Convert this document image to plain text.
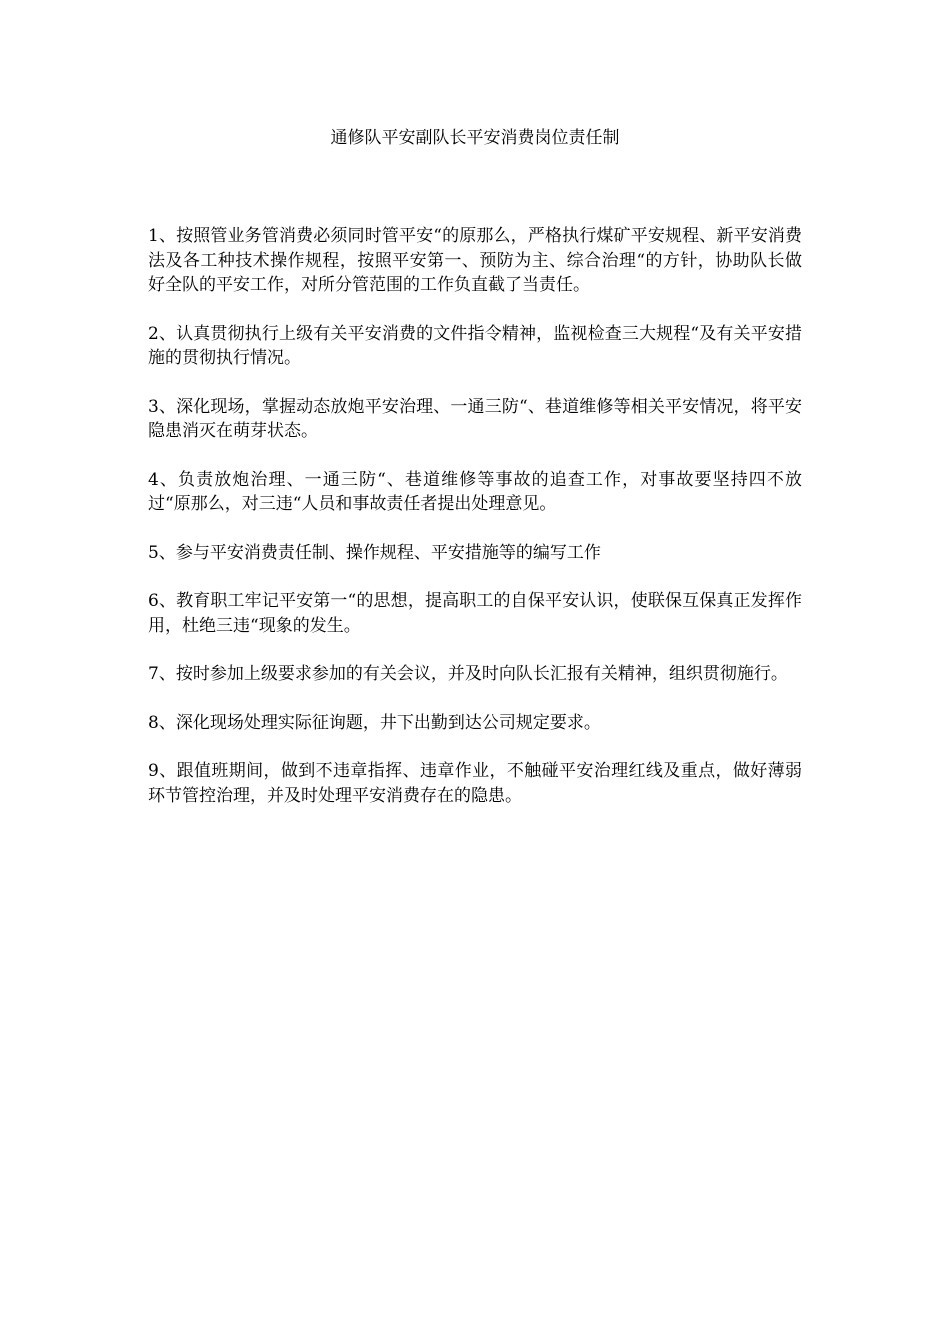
通修队平安副队长平安消费岗位责任制
1、按照管业务管消费必须同时管平安“的原那么，严格执行煤矿平安规程、新平安消费法及各工种技术操作规程，按照平安第一、预防为主、综合治理“的方针，协助队长做好全队的平安工作，对所分管范围的工作负直截了当责任。
2、认真贯彻执行上级有关平安消费的文件指令精神，监视检查三大规程“及有关平安措施的贯彻执行情况。
3、深化现场，掌握动态放炮平安治理、一通三防“、巷道维修等相关平安情况，将平安隐患消灭在萌芽状态。
4、负责放炮治理、一通三防“、巷道维修等事故的追查工作，对事故要坚持四不放过“原那么，对三违“人员和事故责任者提出处理意见。
5、参与平安消费责任制、操作规程、平安措施等的编写工作
6、教育职工牢记平安第一“的思想，提高职工的自保平安认识，使联保互保真正发挥作用，杜绝三违“现象的发生。
7、按时参加上级要求参加的有关会议，并及时向队长汇报有关精神，组织贯彻施行。
8、深化现场处理实际征询题，井下出勤到达公司规定要求。
9、跟值班期间，做到不违章指挥、违章作业，不触碰平安治理红线及重点，做好薄弱环节管控治理，并及时处理平安消费存在的隐患。
